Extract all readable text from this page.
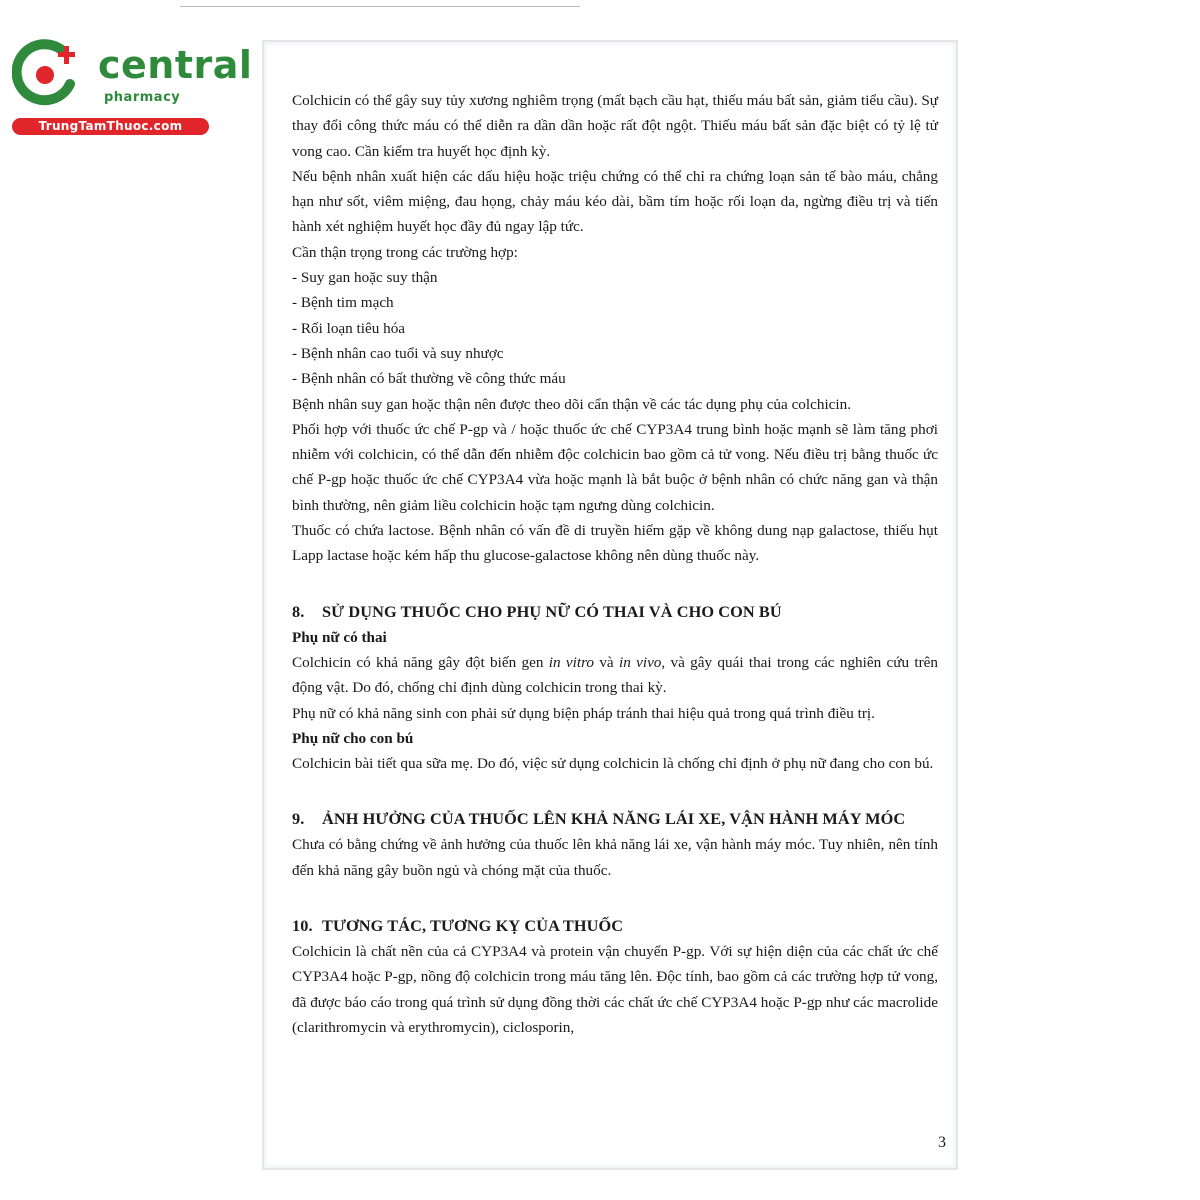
central
pharmacy
TrungTamThuoc.com

Colchicin có thể gây suy tủy xương nghiêm trọng (mất bạch cầu hạt, thiếu máu bất sản, giảm tiểu cầu). Sự thay đổi công thức máu có thể diễn ra dần dần hoặc rất đột ngột. Thiếu máu bất sản đặc biệt có tỷ lệ tử vong cao. Cần kiểm tra huyết học định kỳ.

Nếu bệnh nhân xuất hiện các dấu hiệu hoặc triệu chứng có thể chỉ ra chứng loạn sản tế bào máu, chẳng hạn như sốt, viêm miệng, đau họng, chảy máu kéo dài, bầm tím hoặc rối loạn da, ngừng điều trị và tiến hành xét nghiệm huyết học đầy đủ ngay lập tức.

Cần thận trọng trong các trường hợp:

- Suy gan hoặc suy thận

- Bệnh tim mạch

- Rối loạn tiêu hóa

- Bệnh nhân cao tuổi và suy nhược

- Bệnh nhân có bất thường về công thức máu

Bệnh nhân suy gan hoặc thận nên được theo dõi cẩn thận về các tác dụng phụ của colchicin.

Phối hợp với thuốc ức chế P-gp và / hoặc thuốc ức chế CYP3A4 trung bình hoặc mạnh sẽ làm tăng phơi nhiễm với colchicin, có thể dẫn đến nhiễm độc colchicin bao gồm cả tử vong. Nếu điều trị bằng thuốc ức chế P-gp hoặc thuốc ức chế CYP3A4 vừa hoặc mạnh là bắt buộc ở bệnh nhân có chức năng gan và thận bình thường, nên giảm liều colchicin hoặc tạm ngưng dùng colchicin.

Thuốc có chứa lactose. Bệnh nhân có vấn đề di truyền hiếm gặp về không dung nạp galactose, thiếu hụt Lapp lactase hoặc kém hấp thu glucose-galactose không nên dùng thuốc này.

8. SỬ DỤNG THUỐC CHO PHỤ NỮ CÓ THAI VÀ CHO CON BÚ

Phụ nữ có thai

Colchicin có khả năng gây đột biến gen in vitro và in vivo, và gây quái thai trong các nghiên cứu trên động vật. Do đó, chống chỉ định dùng colchicin trong thai kỳ.

Phụ nữ có khả năng sinh con phải sử dụng biện pháp tránh thai hiệu quả trong quá trình điều trị.

Phụ nữ cho con bú

Colchicin bài tiết qua sữa mẹ. Do đó, việc sử dụng colchicin là chống chỉ định ở phụ nữ đang cho con bú.

9. ẢNH HƯỞNG CỦA THUỐC LÊN KHẢ NĂNG LÁI XE, VẬN HÀNH MÁY MÓC

Chưa có bằng chứng về ảnh hưởng của thuốc lên khả năng lái xe, vận hành máy móc. Tuy nhiên, nên tính đến khả năng gây buồn ngủ và chóng mặt của thuốc.

10. TƯƠNG TÁC, TƯƠNG KỴ CỦA THUỐC

Colchicin là chất nền của cả CYP3A4 và protein vận chuyển P-gp. Với sự hiện diện của các chất ức chế CYP3A4 hoặc P-gp, nồng độ colchicin trong máu tăng lên. Độc tính, bao gồm cả các trường hợp tử vong, đã được báo cáo trong quá trình sử dụng đồng thời các chất ức chế CYP3A4 hoặc P-gp như các macrolide (clarithromycin và erythromycin), ciclosporin,

3
